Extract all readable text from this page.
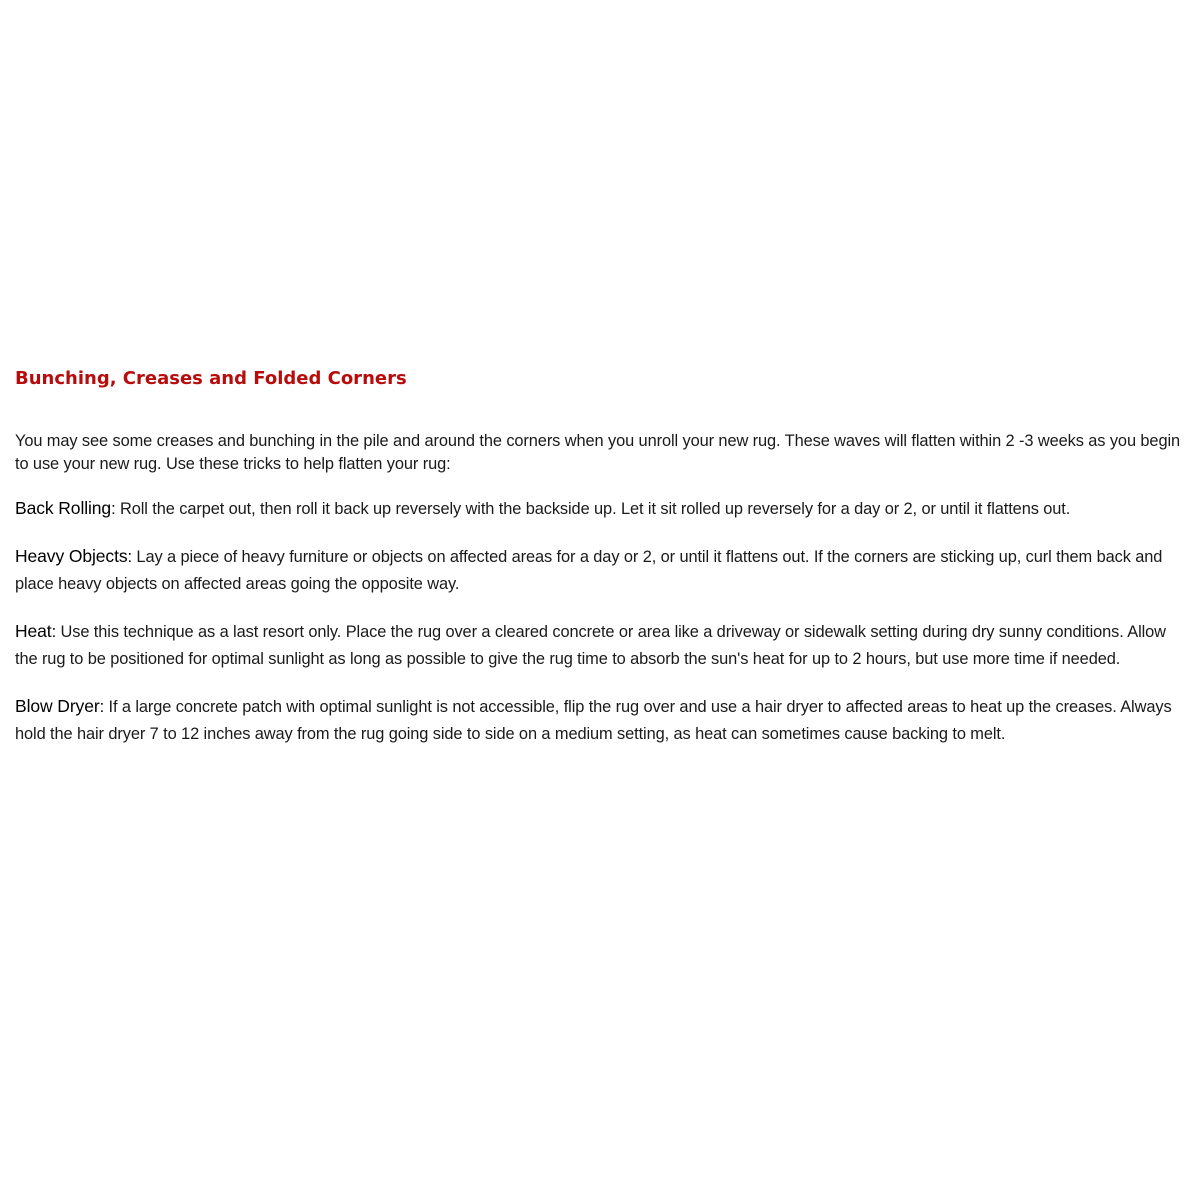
Bunching, Creases and Folded Corners

You may see some creases and bunching in the pile and around the corners when you unroll your new rug. These waves will flatten within 2 -3 weeks as you begin to use your new rug. Use these tricks to help flatten your rug:

Back Rolling: Roll the carpet out, then roll it back up reversely with the backside up. Let it sit rolled up reversely for a day or 2, or until it flattens out.

Heavy Objects: Lay a piece of heavy furniture or objects on affected areas for a day or 2, or until it flattens out. If the corners are sticking up, curl them back and place heavy objects on affected areas going the opposite way.

Heat: Use this technique as a last resort only. Place the rug over a cleared concrete or area like a driveway or sidewalk setting during dry sunny conditions. Allow the rug to be positioned for optimal sunlight as long as possible to give the rug time to absorb the sun's heat for up to 2 hours, but use more time if needed.

Blow Dryer: If a large concrete patch with optimal sunlight is not accessible, flip the rug over and use a hair dryer to affected areas to heat up the creases. Always hold the hair dryer 7 to 12 inches away from the rug going side to side on a medium setting, as heat can sometimes cause backing to melt.
